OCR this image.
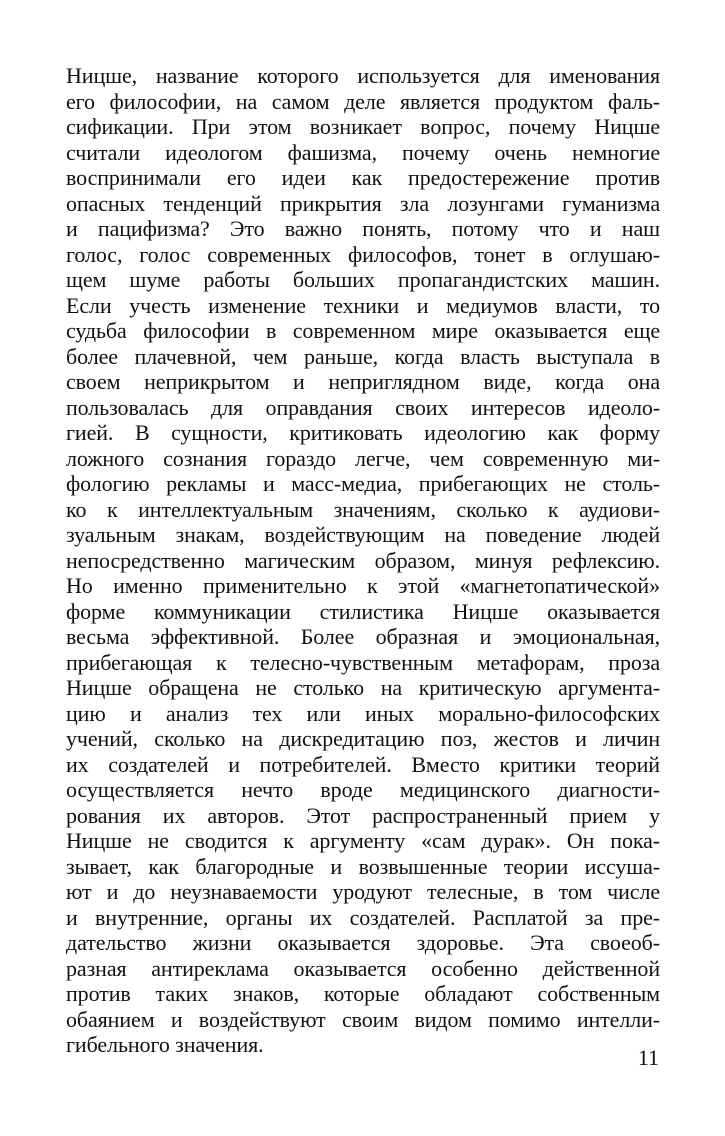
Ницше, название которого используется для именования
его философии, на самом деле является продуктом фаль-
сификации. При этом возникает вопрос, почему Ницше
считали идеологом фашизма, почему очень немногие
воспринимали его идеи как предостережение против
опасных тенденций прикрытия зла лозунгами гуманизма
и пацифизма? Это важно понять, потому что и наш
голос, голос современных философов, тонет в оглушаю-
щем шуме работы больших пропагандистских машин.
Если учесть изменение техники и медиумов власти, то
судьба философии в современном мире оказывается еще
более плачевной, чем раньше, когда власть выступала в
своем неприкрытом и неприглядном виде, когда она
пользовалась для оправдания своих интересов идеоло-
гией. В сущности, критиковать идеологию как форму
ложного сознания гораздо легче, чем современную ми-
фологию рекламы и масс-медиа, прибегающих не столь-
ко к интеллектуальным значениям, сколько к аудиови-
зуальным знакам, воздействующим на поведение людей
непосредственно магическим образом, минуя рефлексию.
Но именно применительно к этой «магнетопатической»
форме коммуникации стилистика Ницше оказывается
весьма эффективной. Более образная и эмоциональная,
прибегающая к телесно-чувственным метафорам, проза
Ницше обращена не столько на критическую аргумента-
цию и анализ тех или иных морально-философских
учений, сколько на дискредитацию поз, жестов и личин
их создателей и потребителей. Вместо критики теорий
осуществляется нечто вроде медицинского диагности-
рования их авторов. Этот распространенный прием у
Ницше не сводится к аргументу «сам дурак». Он пока-
зывает, как благородные и возвышенные теории иссуша-
ют и до неузнаваемости уродуют телесные, в том числе
и внутренние, органы их создателей. Расплатой за пре-
дательство жизни оказывается здоровье. Эта своеоб-
разная антиреклама оказывается особенно действенной
против таких знаков, которые обладают собственным
обаянием и воздействуют своим видом помимо интелли-
гибельного значения.
11
